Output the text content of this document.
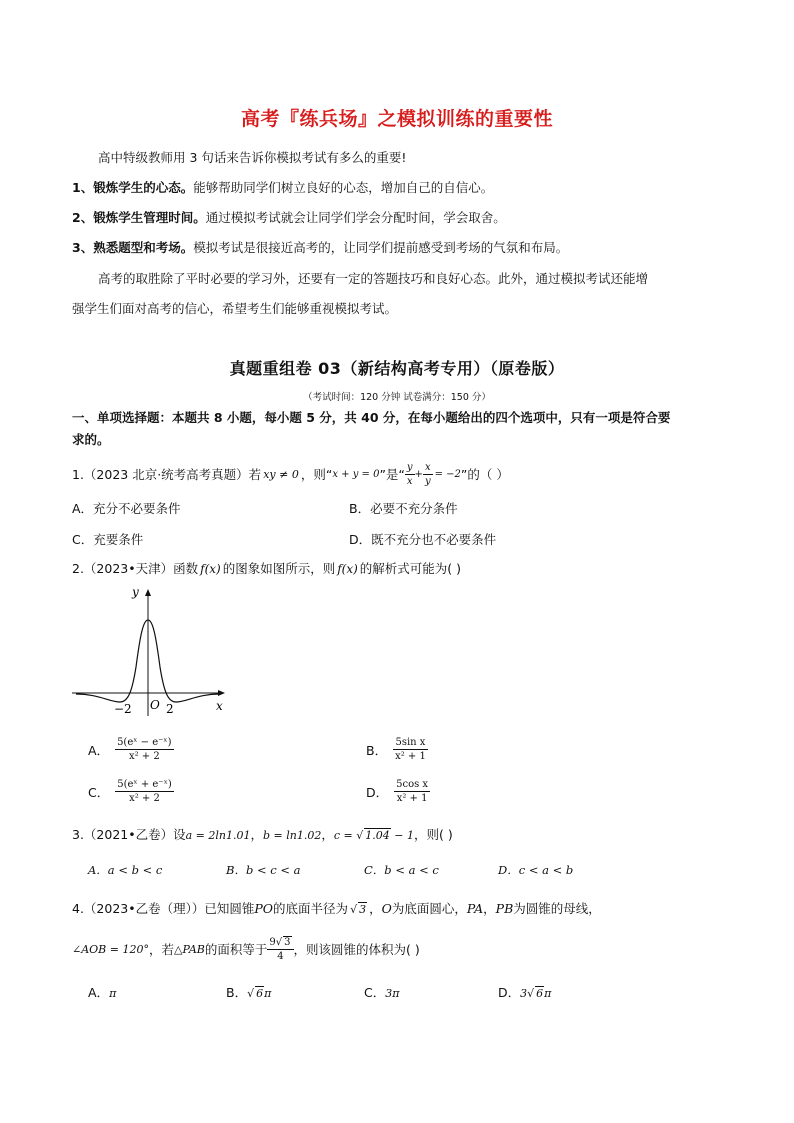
高考『练兵场』之模拟训练的重要性
高中特级教师用 3 句话来告诉你模拟考试有多么的重要!
1、锻炼学生的心态。能够帮助同学们树立良好的心态，增加自己的自信心。
2、锻炼学生管理时间。通过模拟考试就会让同学们学会分配时间，学会取舍。
3、熟悉题型和考场。模拟考试是很接近高考的，让同学们提前感受到考场的气氛和布局。
高考的取胜除了平时必要的学习外，还要有一定的答题技巧和良好心态。此外，通过模拟考试还能增
强学生们面对高考的信心，希望考生们能够重视模拟考试。
真题重组卷 03（新结构高考专用）（原卷版）
（考试时间：120 分钟 试卷满分：150 分）
一、单项选择题：本题共 8 小题，每小题 5 分，共 40 分，在每小题给出的四个选项中，只有一项是符合要
求的。
1.（2023 北京·统考高考真题）若 xy ≠ 0 ，则“ x + y = 0 ”是“ $\frac{y}{x} + \frac{x}{y} = -2$ ”的（ ）
A．充分不必要条件	B．必要不充分条件
C．充要条件	D．既不充分也不必要条件
2.（2023•天津）函数 f(x) 的图象如图所示，则 f(x) 的解析式可能为( )
y
x
O
−2	2
A． $\frac{\text{5(eˣ − e⁻ˣ)}}{\text{x² + 2}}$	B． $\frac{\text{5sin x}}{\text{x² + 1}}$
C． $\frac{\text{5(eˣ + e⁻ˣ)}}{\text{x² + 2}}$	D． $\frac{\text{5cos x}}{\text{x² + 1}}$
3.（2021•乙卷）设a = 2ln1.01，b = ln1.02，c = √ 1.04 − 1，则( )
A．a < b < c	B．b < c < a	C．b < a < c	D．c < a < b
4.（2023•乙卷（理））已知圆锥PO的底面半径为 √ 3 ，O为底面圆心，PA，PB为圆锥的母线，
∠AOB = 120° ，若 △PAB 的面积等于 $\frac{9√ 3}{4}$ ，则该圆锥的体积为( )
A．π	B．√ 6π	C．3π	D．3√ 6π
